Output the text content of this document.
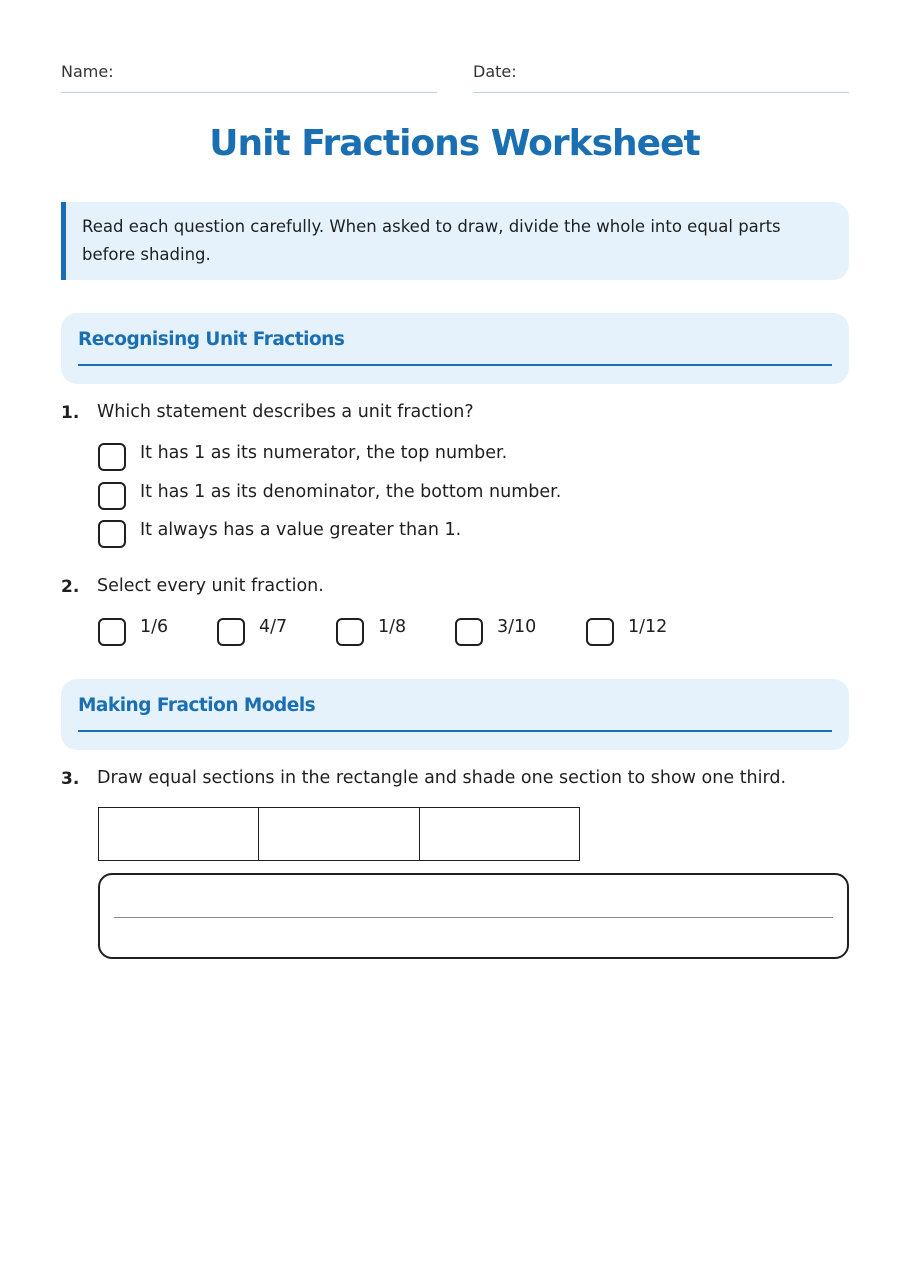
Name:	Date:
Unit Fractions Worksheet
Read each question carefully. When asked to draw, divide the whole into equal parts before shading.
Recognising Unit Fractions
1. Which statement describes a unit fraction?
It has 1 as its numerator, the top number.
It has 1 as its denominator, the bottom number.
It always has a value greater than 1.
2. Select every unit fraction.
1/6	4/7	1/8	3/10	1/12
Making Fraction Models
3. Draw equal sections in the rectangle and shade one section to show one third.
